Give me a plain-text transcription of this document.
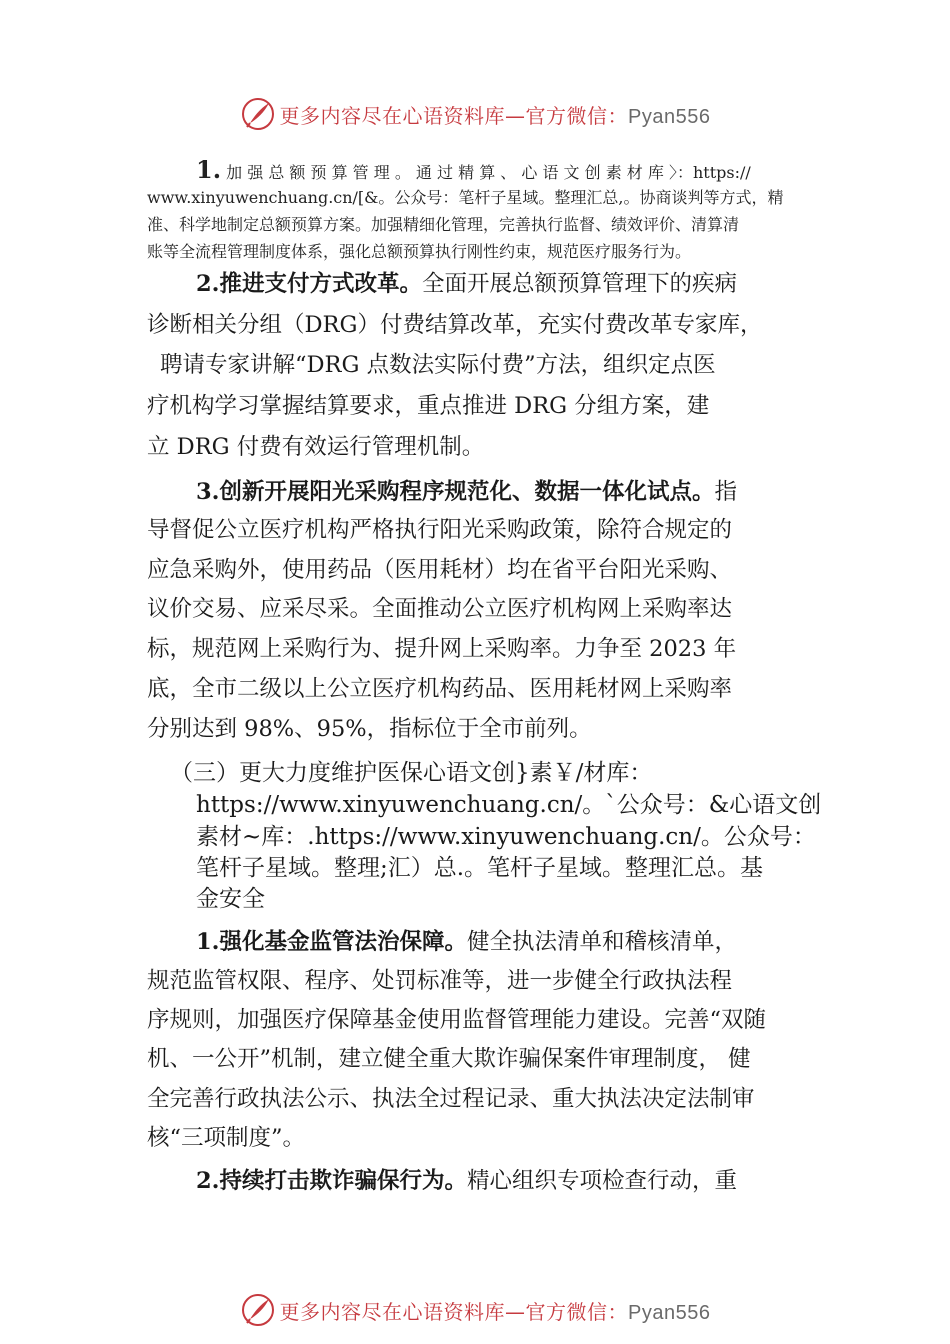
更多内容尽在心语资料库—官方微信：Pyan556
1. 加 强 总 额 预 算 管 理 。 通 过 精 算 、 心 语 文 创 素 材 库 〉：https://
www.xinyuwenchuang.cn/[&。公众号：笔杆子星域。整理汇总,。协商谈判等方式，精
准、科学地制定总额预算方案。加强精细化管理，完善执行监督、绩效评价、清算清
账等全流程管理制度体系，强化总额预算执行刚性约束，规范医疗服务行为。
2.推进支付方式改革。全面开展总额预算管理下的疾病
诊断相关分组（DRG）付费结算改革，充实付费改革专家库，
聘请专家讲解“DRG 点数法实际付费”方法，组织定点医
疗机构学习掌握结算要求，重点推进 DRG 分组方案，建
立 DRG 付费有效运行管理机制。
3.创新开展阳光采购程序规范化、数据一体化试点。指
导督促公立医疗机构严格执行阳光采购政策，除符合规定的
应急采购外，使用药品（医用耗材）均在省平台阳光采购、
议价交易、应采尽采。全面推动公立医疗机构网上采购率达
标，规范网上采购行为、提升网上采购率。力争至 2023 年
底，全市二级以上公立医疗机构药品、医用耗材网上采购率
分别达到 98%、95%，指标位于全市前列。
（三）更大力度维护医保心语文创}素￥/材库：
https://www.xinyuwenchuang.cn/。`公众号：&心语文创
素材~库：.https://www.xinyuwenchuang.cn/。公众号：
笔杆子星域。整理;汇）总.。笔杆子星域。整理汇总。基
金安全
1.强化基金监管法治保障。健全执法清单和稽核清单，
规范监管权限、程序、处罚标准等，进一步健全行政执法程
序规则，加强医疗保障基金使用监督管理能力建设。完善“双随
机、一公开”机制，建立健全重大欺诈骗保案件审理制度， 健
全完善行政执法公示、执法全过程记录、重大执法决定法制审
核“三项制度”。
2.持续打击欺诈骗保行为。精心组织专项检查行动，重
更多内容尽在心语资料库—官方微信：Pyan556
